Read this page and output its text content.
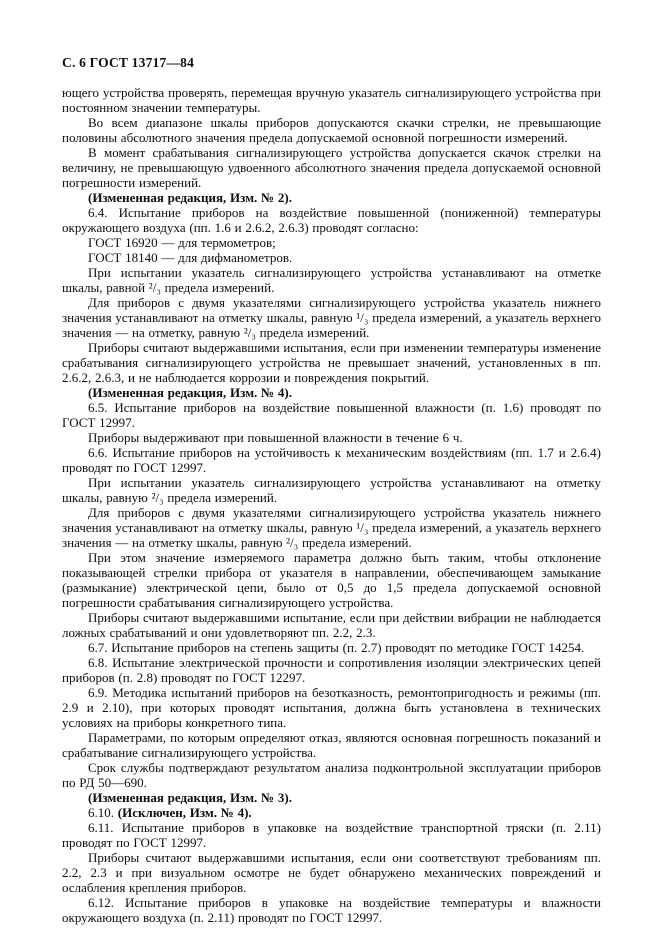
С. 6 ГОСТ 13717—84

ющего устройства проверять, перемещая вручную указатель сигнализирующего устройства при постоянном значении температуры.

Во всем диапазоне шкалы приборов допускаются скачки стрелки, не превышающие половины абсолютного значения предела допускаемой основной погрешности измерений.

В момент срабатывания сигнализирующего устройства допускается скачок стрелки на величину, не превышающую удвоенного абсолютного значения предела допускаемой основной погрешности измерений.

(Измененная редакция, Изм. № 2).

6.4. Испытание приборов на воздействие повышенной (пониженной) температуры окружающего воздуха (пп. 1.6 и 2.6.2, 2.6.3) проводят согласно:

ГОСТ 16920 — для термометров;

ГОСТ 18140 — для дифманометров.

При испытании указатель сигнализирующего устройства устанавливают на отметке шкалы, равной ²/₃ предела измерений.

Для приборов с двумя указателями сигнализирующего устройства указатель нижнего значения устанавливают на отметку шкалы, равную ¹/₃ предела измерений, а указатель верхнего значения — на отметку, равную ²/₃ предела измерений.

Приборы считают выдержавшими испытания, если при изменении температуры изменение срабатывания сигнализирующего устройства не превышает значений, установленных в пп. 2.6.2, 2.6.3, и не наблюдается коррозии и повреждения покрытий.

(Измененная редакция, Изм. № 4).

6.5. Испытание приборов на воздействие повышенной влажности (п. 1.6) проводят по ГОСТ 12997.

Приборы выдерживают при повышенной влажности в течение 6 ч.

6.6. Испытание приборов на устойчивость к механическим воздействиям (пп. 1.7 и 2.6.4) проводят по ГОСТ 12997.

При испытании указатель сигнализирующего устройства устанавливают на отметку шкалы, равную ²/₃ предела измерений.

Для приборов с двумя указателями сигнализирующего устройства указатель нижнего значения устанавливают на отметку шкалы, равную ¹/₃ предела измерений, а указатель верхнего значения — на отметку шкалы, равную ²/₃ предела измерений.

При этом значение измеряемого параметра должно быть таким, чтобы отклонение показывающей стрелки прибора от указателя в направлении, обеспечивающем замыкание (размыкание) электрической цепи, было от 0,5 до 1,5 предела допускаемой основной погрешности срабатывания сигнализирующего устройства.

Приборы считают выдержавшими испытание, если при действии вибрации не наблюдается ложных срабатываний и они удовлетворяют пп. 2.2, 2.3.

6.7. Испытание приборов на степень защиты (п. 2.7) проводят по методике ГОСТ 14254.

6.8. Испытание электрической прочности и сопротивления изоляции электрических цепей приборов (п. 2.8) проводят по ГОСТ 12297.

6.9. Методика испытаний приборов на безотказность, ремонтопригодность и режимы (пп. 2.9 и 2.10), при которых проводят испытания, должна быть установлена в технических условиях на приборы конкретного типа.

Параметрами, по которым определяют отказ, являются основная погрешность показаний и срабатывание сигнализирующего устройства.

Срок службы подтверждают результатом анализа подконтрольной эксплуатации приборов по РД 50—690.

(Измененная редакция, Изм. № 3).

6.10. (Исключен, Изм. № 4).

6.11. Испытание приборов в упаковке на воздействие транспортной тряски (п. 2.11) проводят по ГОСТ 12997.

Приборы считают выдержавшими испытания, если они соответствуют требованиям пп. 2.2, 2.3 и при визуальном осмотре не будет обнаружено механических повреждений и ослабления крепления приборов.

6.12. Испытание приборов в упаковке на воздействие температуры и влажности окружающего воздуха (п. 2.11) проводят по ГОСТ 12997.
